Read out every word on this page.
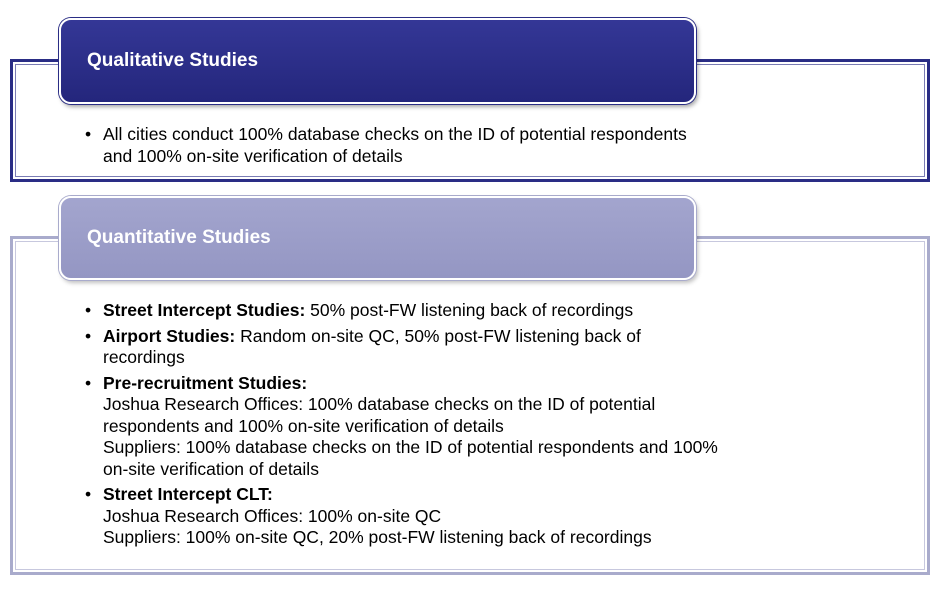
Qualitative Studies
• All cities conduct 100% database checks on the ID of potential respondents
and 100% on-site verification of details
Quantitative Studies
• Street Intercept Studies: 50% post-FW listening back of recordings
• Airport Studies: Random on-site QC, 50% post-FW listening back of
recordings
• Pre-recruitment Studies:
Joshua Research Offices: 100% database checks on the ID of potential
respondents and 100% on-site verification of details
Suppliers: 100% database checks on the ID of potential respondents and 100%
on-site verification of details
• Street Intercept CLT:
Joshua Research Offices: 100% on-site QC
Suppliers: 100% on-site QC, 20% post-FW listening back of recordings
